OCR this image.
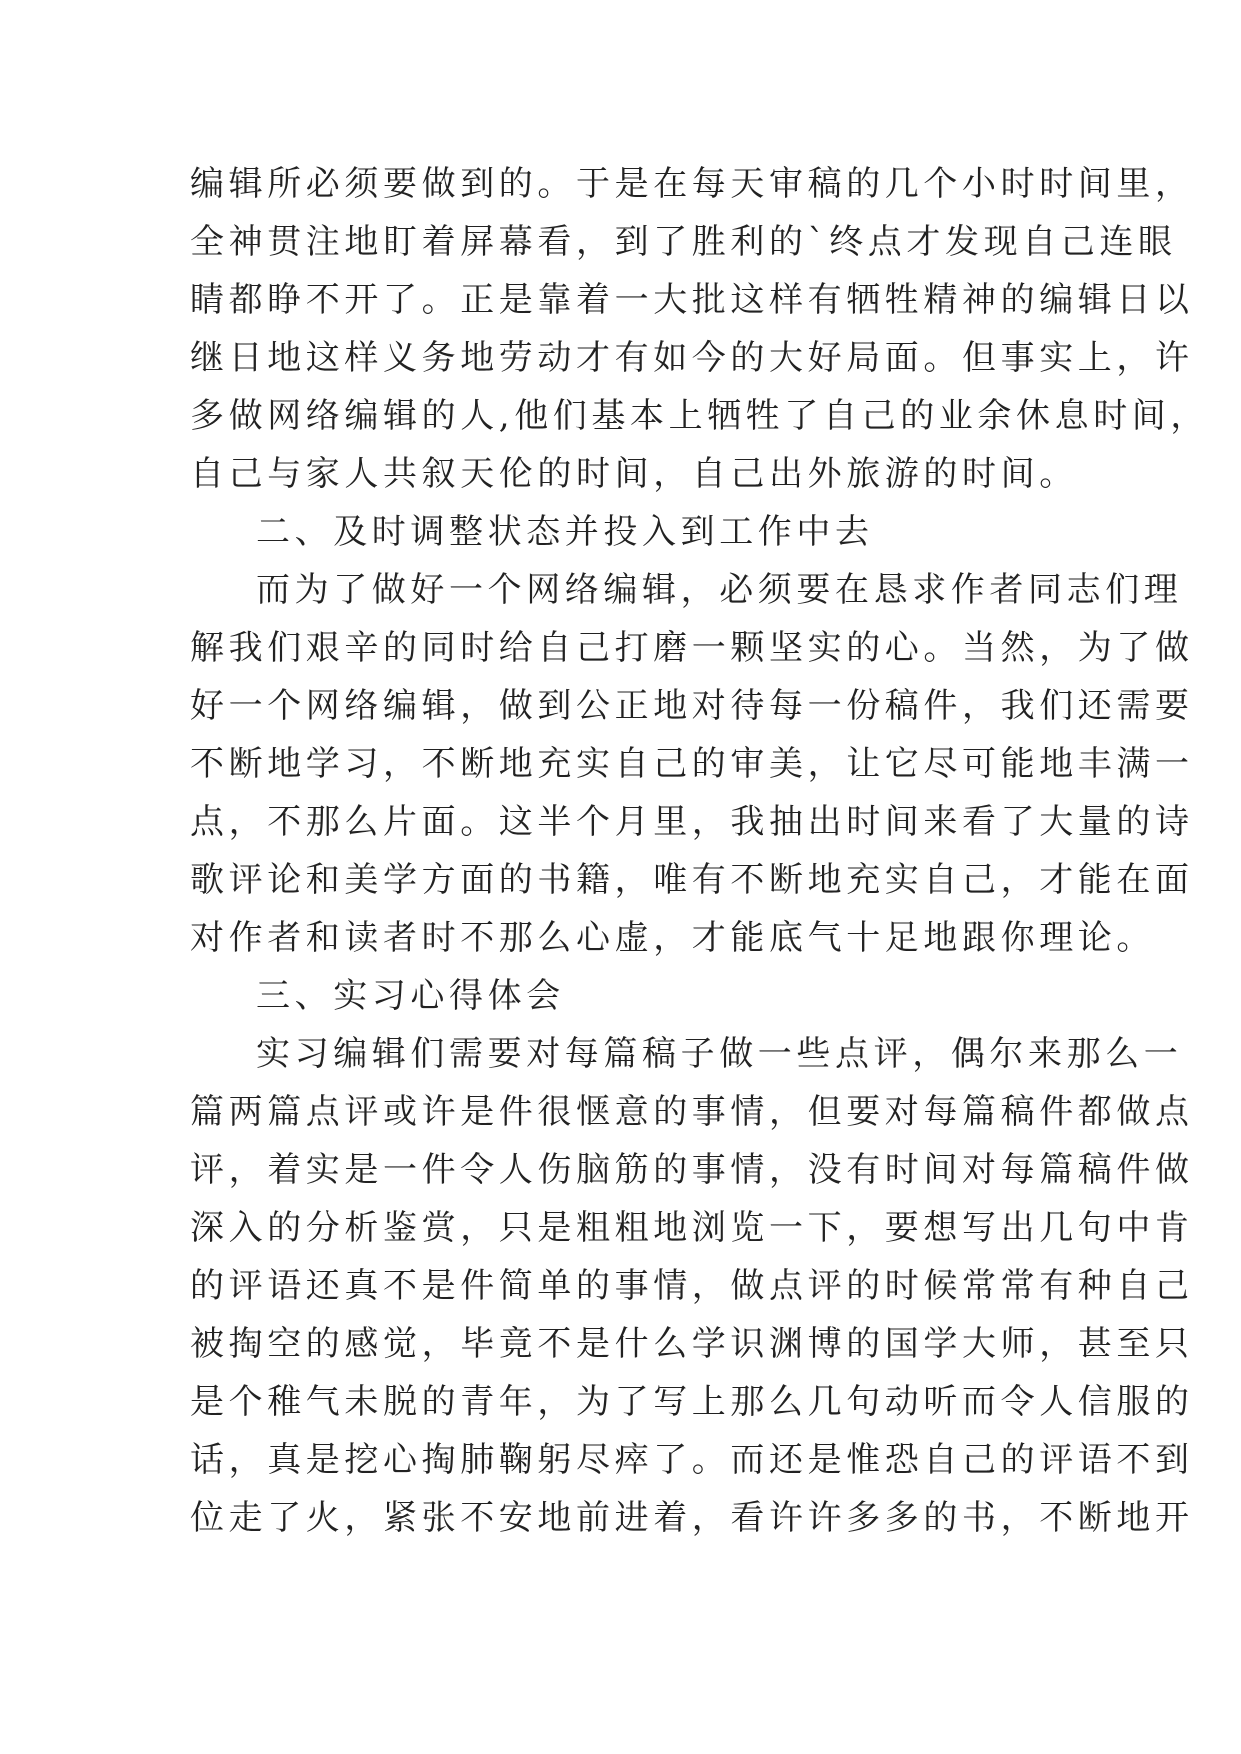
编辑所必须要做到的。于是在每天审稿的几个小时时间里，
全神贯注地盯着屏幕看，到了胜利的`终点才发现自己连眼
睛都睁不开了。正是靠着一大批这样有牺牲精神的编辑日以
继日地这样义务地劳动才有如今的大好局面。但事实上，许
多做网络编辑的人,他们基本上牺牲了自己的业余休息时间，
自己与家人共叙天伦的时间，自己出外旅游的时间。
二、及时调整状态并投入到工作中去
而为了做好一个网络编辑，必须要在恳求作者同志们理
解我们艰辛的同时给自己打磨一颗坚实的心。当然，为了做
好一个网络编辑，做到公正地对待每一份稿件，我们还需要
不断地学习，不断地充实自己的审美，让它尽可能地丰满一
点，不那么片面。这半个月里，我抽出时间来看了大量的诗
歌评论和美学方面的书籍，唯有不断地充实自己，才能在面
对作者和读者时不那么心虚，才能底气十足地跟你理论。
三、实习心得体会
实习编辑们需要对每篇稿子做一些点评，偶尔来那么一
篇两篇点评或许是件很惬意的事情，但要对每篇稿件都做点
评，着实是一件令人伤脑筋的事情，没有时间对每篇稿件做
深入的分析鉴赏，只是粗粗地浏览一下，要想写出几句中肯
的评语还真不是件简单的事情，做点评的时候常常有种自己
被掏空的感觉，毕竟不是什么学识渊博的国学大师，甚至只
是个稚气未脱的青年，为了写上那么几句动听而令人信服的
话，真是挖心掏肺鞠躬尽瘁了。而还是惟恐自己的评语不到
位走了火，紧张不安地前进着，看许许多多的书，不断地开
